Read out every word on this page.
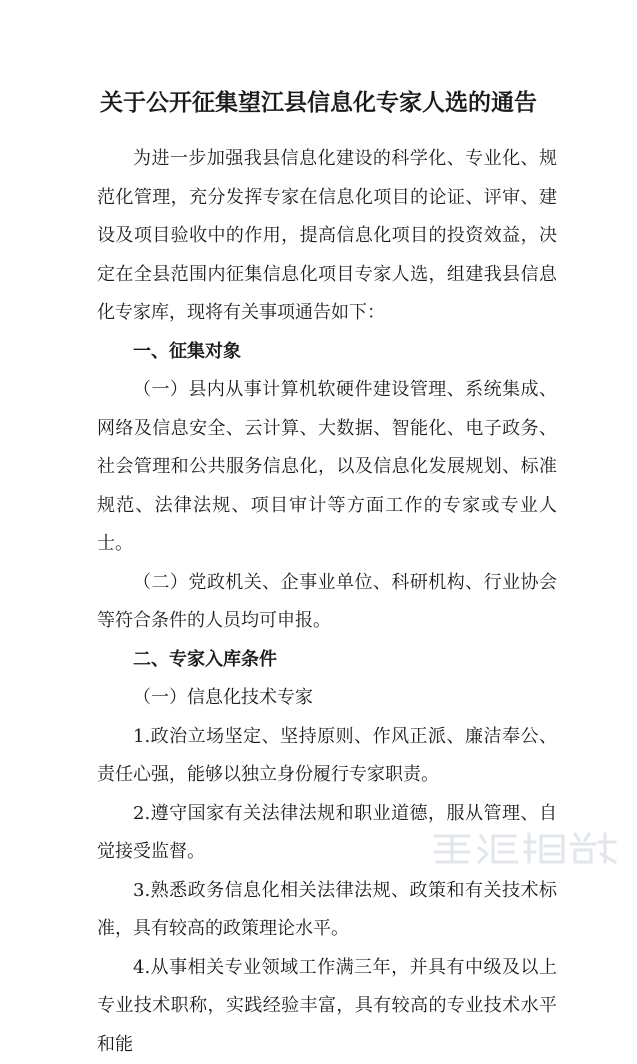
关于公开征集望江县信息化专家人选的通告

为进一步加强我县信息化建设的科学化、专业化、规范化管理，充分发挥专家在信息化项目的论证、评审、建设及项目验收中的作用，提高信息化项目的投资效益，决定在全县范围内征集信息化项目专家人选，组建我县信息化专家库，现将有关事项通告如下：

一、征集对象

（一）县内从事计算机软硬件建设管理、系统集成、网络及信息安全、云计算、大数据、智能化、电子政务、社会管理和公共服务信息化，以及信息化发展规划、标准规范、法律法规、项目审计等方面工作的专家或专业人士。

（二）党政机关、企事业单位、科研机构、行业协会等符合条件的人员均可申报。

二、专家入库条件

（一）信息化技术专家

1.政治立场坚定、坚持原则、作风正派、廉洁奉公、责任心强，能够以独立身份履行专家职责。

2.遵守国家有关法律法规和职业道德，服从管理、自觉接受监督。

3.熟悉政务信息化相关法律法规、政策和有关技术标准，具有较高的政策理论水平。

4.从事相关专业领域工作满三年，并具有中级及以上专业技术职称，实践经验丰富，具有较高的专业技术水平和能
